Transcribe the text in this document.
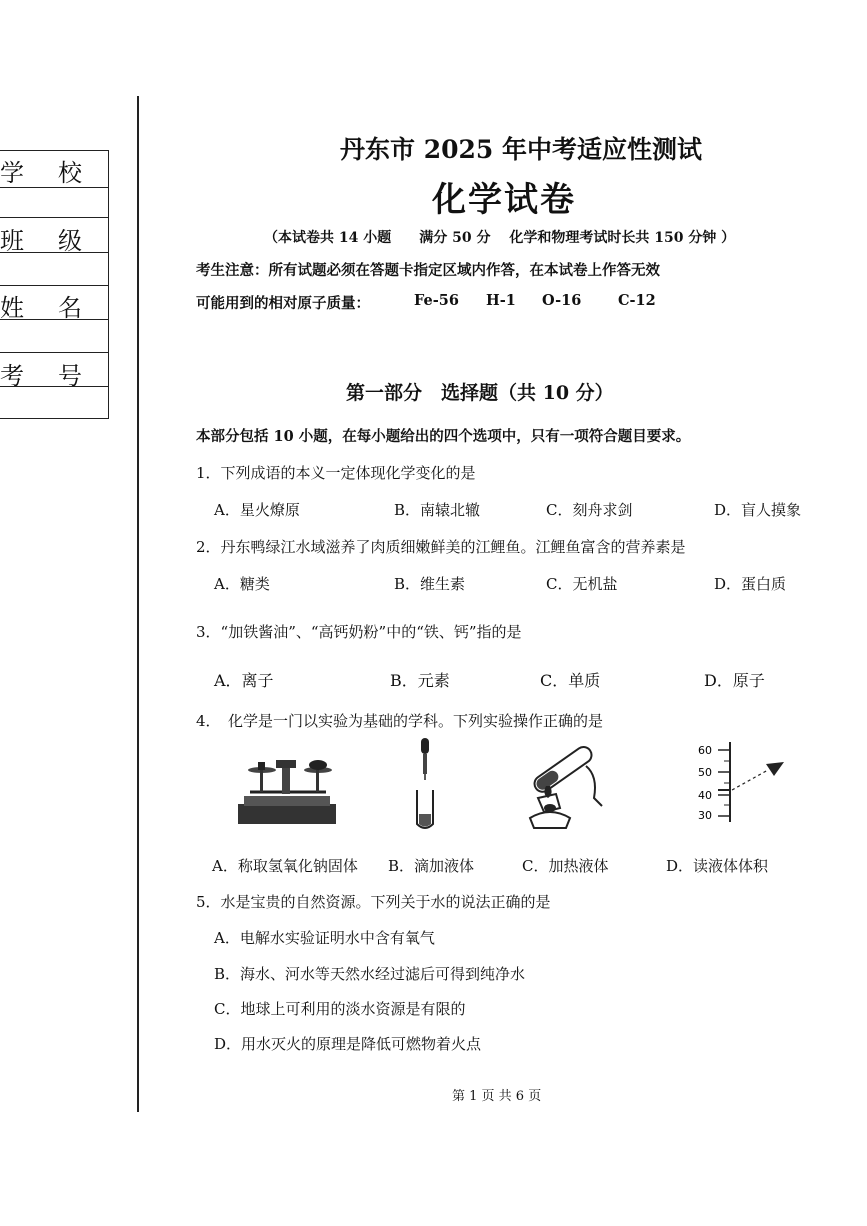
学 校
班 级
姓 名
考 号
丹东市 2025 年中考适应性测试
化学试卷
（本试卷共 14 小题　　满分 50 分　 化学和物理考试时长共 150 分钟 ）
考生注意：所有试题必须在答题卡指定区域内作答，在本试卷上作答无效
可能用到的相对原子质量：	Fe-56 H-1 O-16	C-12
第一部分　选择题（共 10 分）
本部分包括 10 小题，在每小题给出的四个选项中，只有一项符合题目要求。
1．下列成语的本义一定体现化学变化的是
A．星火燎原	B．南辕北辙	C．刻舟求剑	D．盲人摸象
2．丹东鸭绿江水域滋养了肉质细嫩鲜美的江鲤鱼。江鲤鱼富含的营养素是
A．糖类	B．维生素	C．无机盐	D．蛋白质
3．“加铁酱油”、“高钙奶粉”中的“铁、钙”指的是
A．离子	B．元素	C．单质	D．原子
4．　化学是一门以实验为基础的学科。下列实验操作正确的是
60
50
40
30
A．称取氢氧化钠固体 B．滴加液体	C．加热液体	D．读液体体积
5．水是宝贵的自然资源。下列关于水的说法正确的是
A．电解水实验证明水中含有氧气
B．海水、河水等天然水经过滤后可得到纯净水
C．地球上可利用的淡水资源是有限的
D．用水灭火的原理是降低可燃物着火点
第 1 页 共 6 页
